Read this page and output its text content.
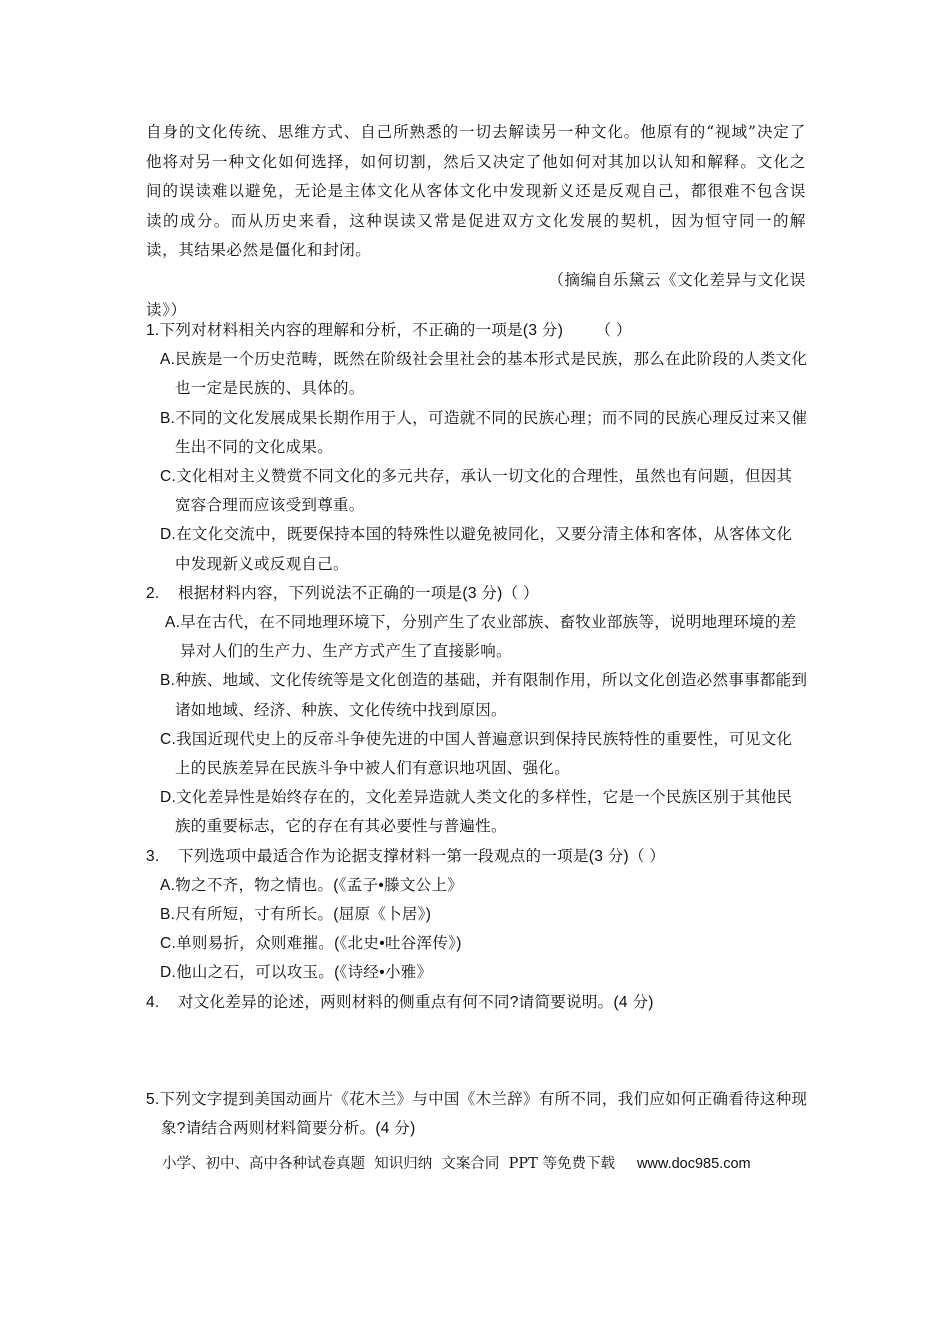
自身的文化传统、思维方式、自己所熟悉的一切去解读另一种文化。他原有的“视域”决定了他将对另一种文化如何选择，如何切割，然后又决定了他如何对其加以认知和解释。文化之间的误读难以避免，无论是主体文化从客体文化中发现新义还是反观自己，都很难不包含误读的成分。而从历史来看，这种误读又常是促进双方文化发展的契机，因为恒守同一的解读，其结果必然是僵化和封闭。

（摘编自乐黛云《文化差异与文化误

读》）

1.下列对材料相关内容的理解和分析，不正确的一项是(3 分) （ ）

A.民族是一个历史范畴，既然在阶级社会里社会的基本形式是民族，那么在此阶段的人类文化也一定是民族的、具体的。

B.不同的文化发展成果长期作用于人，可造就不同的民族心理；而不同的民族心理反过来又催生出不同的文化成果。

C.文化相对主义赞赏不同文化的多元共存，承认一切文化的合理性，虽然也有问题，但因其宽容合理而应该受到尊重。

D.在文化交流中，既要保持本国的特殊性以避免被同化，又要分清主体和客体，从客体文化中发现新义或反观自己。

2.    根据材料内容，下列说法不正确的一项是(3 分)（ ）

A.早在古代，在不同地理环境下，分别产生了农业部族、畜牧业部族等，说明地理环境的差异对人们的生产力、生产方式产生了直接影响。

B.种族、地域、文化传统等是文化创造的基础，并有限制作用，所以文化创造必然事事都能到诸如地域、经济、种族、文化传统中找到原因。

C.我国近现代史上的反帝斗争使先进的中国人普遍意识到保持民族特性的重要性，可见文化上的民族差异在民族斗争中被人们有意识地巩固、强化。

D.文化差异性是始终存在的，文化差异造就人类文化的多样性，它是一个民族区别于其他民族的重要标志，它的存在有其必要性与普遍性。

3.    下列选项中最适合作为论据支撑材料一第一段观点的一项是(3 分)（ ）

A.物之不齐，物之情也。(《孟子•滕文公上》

B.尺有所短，寸有所长。(屈原《卜居》)

C.单则易折，众则难摧。(《北史•吐谷浑传》)

D.他山之石，可以攻玉。(《诗经•小雅》

4.    对文化差异的论述，两则材料的侧重点有何不同?请简要说明。(4 分)

5.下列文字提到美国动画片《花木兰》与中国《木兰辞》有所不同，我们应如何正确看待这种现象?请结合两则材料简要分析。(4 分)

小学、初中、高中各种试卷真题  知识归纳  文案合同  PPT 等免费下载 www.doc985.com
